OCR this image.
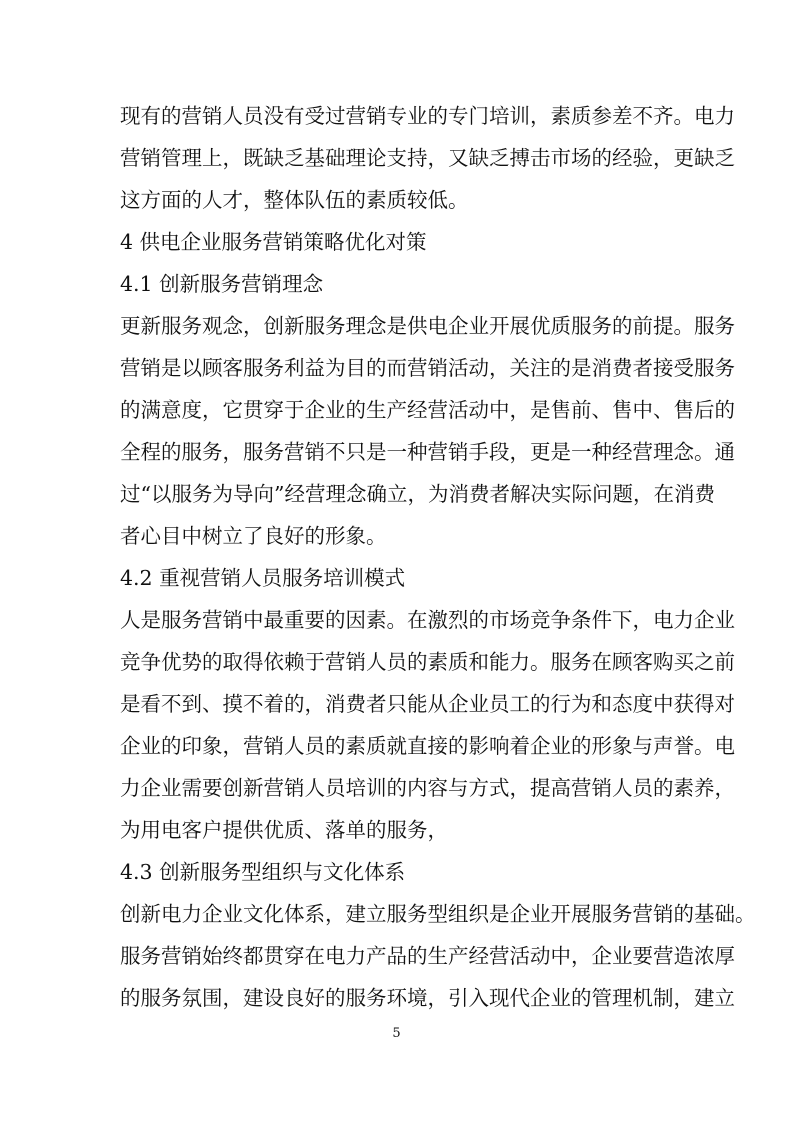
现有的营销人员没有受过营销专业的专门培训，素质参差不齐。电力
营销管理上，既缺乏基础理论支持，又缺乏搏击市场的经验，更缺乏
这方面的人才，整体队伍的素质较低。
4 供电企业服务营销策略优化对策
4.1 创新服务营销理念
更新服务观念，创新服务理念是供电企业开展优质服务的前提。服务
营销是以顾客服务利益为目的而营销活动，关注的是消费者接受服务
的满意度，它贯穿于企业的生产经营活动中，是售前、售中、售后的
全程的服务，服务营销不只是一种营销手段，更是一种经营理念。通
过“以服务为导向”经营理念确立，为消费者解决实际问题，在消费
者心目中树立了良好的形象。
4.2 重视营销人员服务培训模式
人是服务营销中最重要的因素。在激烈的市场竞争条件下，电力企业
竞争优势的取得依赖于营销人员的素质和能力。服务在顾客购买之前
是看不到、摸不着的，消费者只能从企业员工的行为和态度中获得对
企业的印象，营销人员的素质就直接的影响着企业的形象与声誉。电
力企业需要创新营销人员培训的内容与方式，提高营销人员的素养，
为用电客户提供优质、落单的服务，
4.3 创新服务型组织与文化体系
创新电力企业文化体系，建立服务型组织是企业开展服务营销的基础。
服务营销始终都贯穿在电力产品的生产经营活动中，企业要营造浓厚
的服务氛围，建设良好的服务环境，引入现代企业的管理机制，建立
5
